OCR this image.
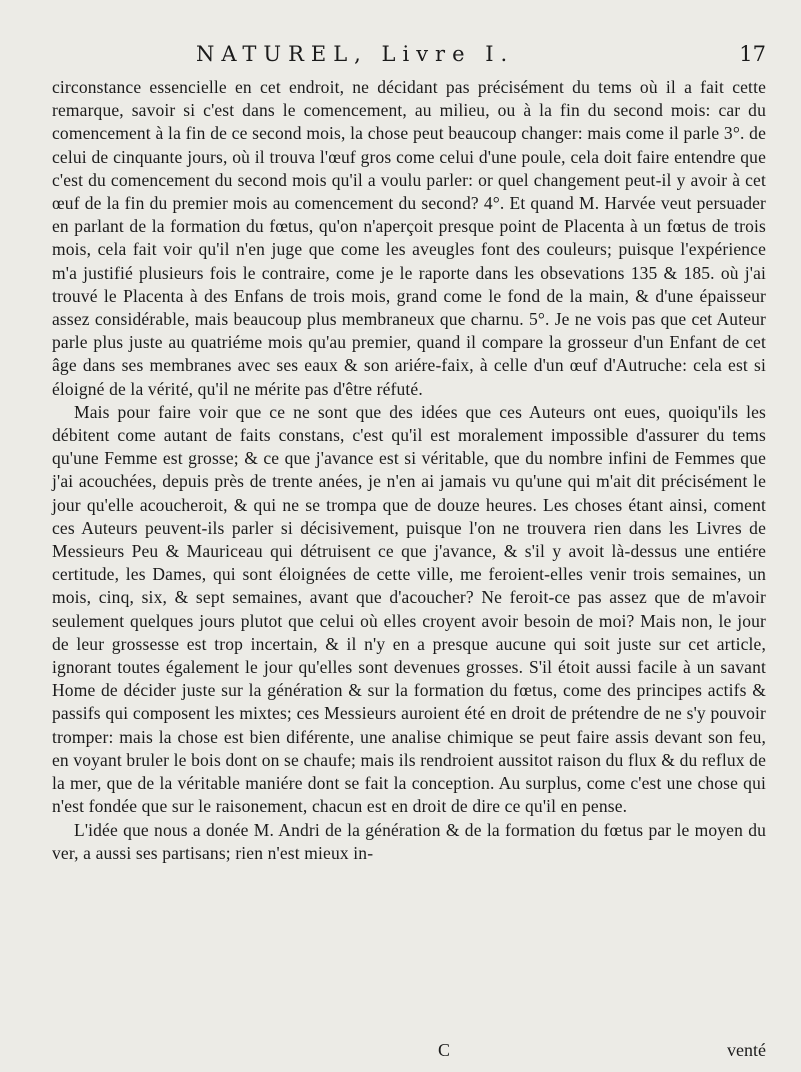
NATUREL, Livre I.	17

circonstance essencielle en cet endroit, ne décidant pas précisément du tems où il a fait cette remarque, savoir si c'est dans le comencement, au milieu, ou à la fin du second mois: car du comencement à la fin de ce second mois, la chose peut beaucoup changer: mais come il parle 3°. de celui de cinquante jours, où il trouva l'œuf gros come celui d'une poule, cela doit faire entendre que c'est du comencement du second mois qu'il a voulu parler: or quel changement peut-il y avoir à cet œuf de la fin du premier mois au comencement du second? 4°. Et quand M. Harvée veut persuader en parlant de la formation du fœtus, qu'on n'aperçoit presque point de Placenta à un fœtus de trois mois, cela fait voir qu'il n'en juge que come les aveugles font des couleurs; puisque l'expérience m'a justifié plusieurs fois le contraire, come je le raporte dans les obsevations 135 & 185. où j'ai trouvé le Placenta à des Enfans de trois mois, grand come le fond de la main, & d'une épaisseur assez considérable, mais beaucoup plus membraneux que charnu. 5°. Je ne vois pas que cet Auteur parle plus juste au quatriéme mois qu'au premier, quand il compare la grosseur d'un Enfant de cet âge dans ses membranes avec ses eaux & son ariére-faix, à celle d'un œuf d'Autruche: cela est si éloigné de la vérité, qu'il ne mérite pas d'être réfuté.

Mais pour faire voir que ce ne sont que des idées que ces Auteurs ont eues, quoiqu'ils les débitent come autant de faits constans, c'est qu'il est moralement impossible d'assurer du tems qu'une Femme est grosse; & ce que j'avance est si véritable, que du nombre infini de Femmes que j'ai acouchées, depuis près de trente anées, je n'en ai jamais vu qu'une qui m'ait dit précisément le jour qu'elle acoucheroit, & qui ne se trompa que de douze heures. Les choses étant ainsi, coment ces Auteurs peuvent-ils parler si décisivement, puisque l'on ne trouvera rien dans les Livres de Messieurs Peu & Mauriceau qui détruisent ce que j'avance, & s'il y avoit là-dessus une entiére certitude, les Dames, qui sont éloignées de cette ville, me feroient-elles venir trois semaines, un mois, cinq, six, & sept semaines, avant que d'acoucher? Ne feroit-ce pas assez que de m'avoir seulement quelques jours plutot que celui où elles croyent avoir besoin de moi? Mais non, le jour de leur grossesse est trop incertain, & il n'y en a presque aucune qui soit juste sur cet article, ignorant toutes également le jour qu'elles sont devenues grosses. S'il étoit aussi facile à un savant Home de décider juste sur la génération & sur la formation du fœtus, come des principes actifs & passifs qui composent les mixtes; ces Messieurs auroient été en droit de prétendre de ne s'y pouvoir tromper: mais la chose est bien diférente, une analise chimique se peut faire assis devant son feu, en voyant bruler le bois dont on se chaufe; mais ils rendroient aussitot raison du flux & du reflux de la mer, que de la véritable maniére dont se fait la conception. Au surplus, come c'est une chose qui n'est fondée que sur le raisonement, chacun est en droit de dire ce qu'il en pense.

L'idée que nous a donée M. Andri de la génération & de la formation du fœtus par le moyen du ver, a aussi ses partisans; rien n'est mieux in-

C	venté
